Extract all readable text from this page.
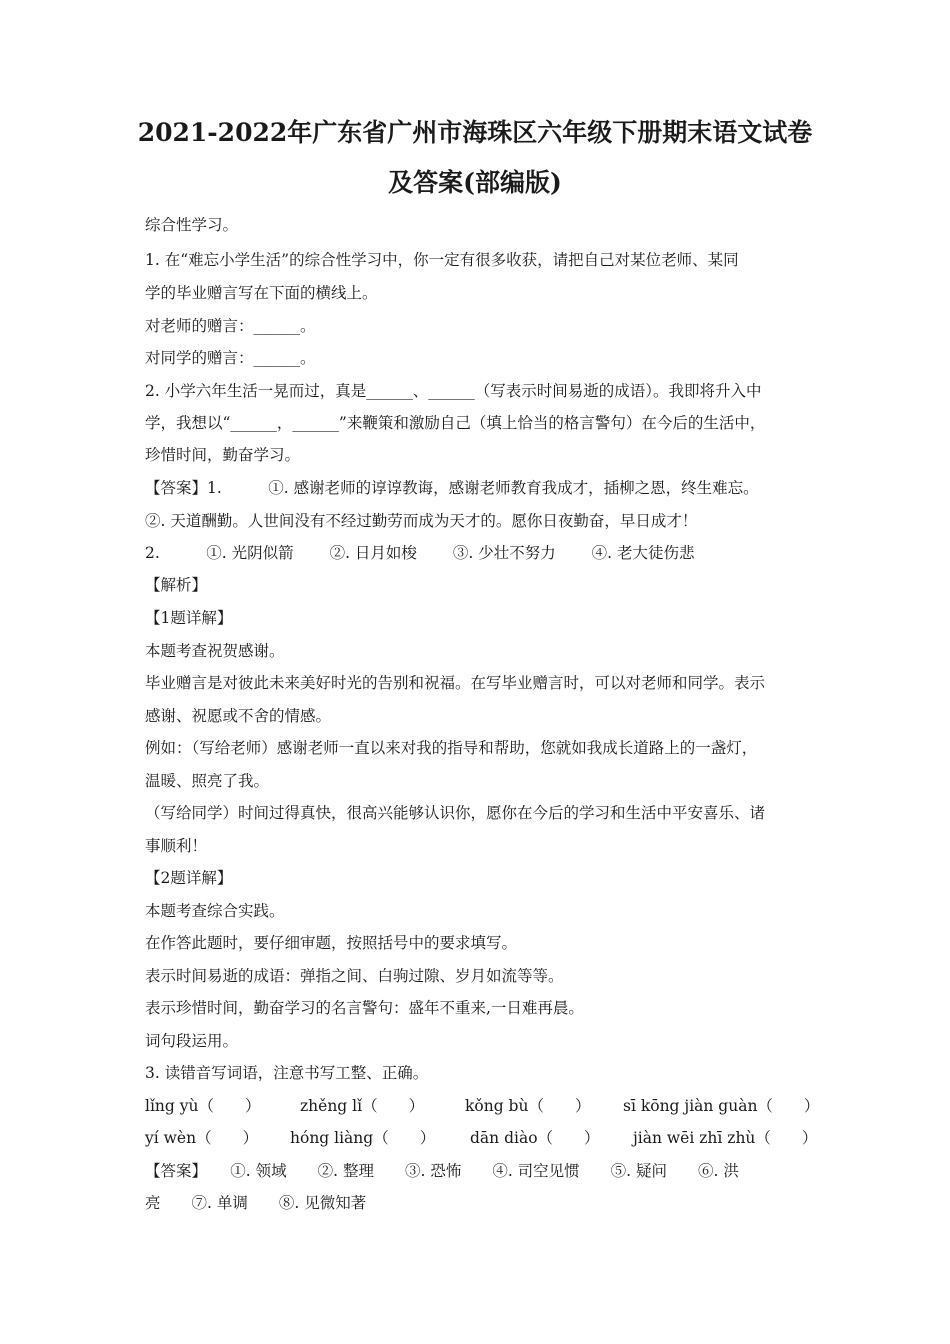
2021-2022年广东省广州市海珠区六年级下册期末语文试卷
及答案(部编版)
综合性学习。
1. 在“难忘小学生活”的综合性学习中，你一定有很多收获，请把自己对某位老师、某同
学的毕业赠言写在下面的横线上。
对老师的赠言：______。
对同学的赠言：______。
2. 小学六年生活一晃而过，真是______、______（写表示时间易逝的成语）。我即将升入中
学，我想以“______，______”来鞭策和激励自己（填上恰当的格言警句）在今后的生活中，
珍惜时间，勤奋学习。
【答案】1.　　　①. 感谢老师的谆谆教诲，感谢老师教育我成才，插柳之恩，终生难忘。
②. 天道酬勤。人世间没有不经过勤劳而成为天才的。愿你日夜勤奋，早日成才！
2.　　　①. 光阴似箭　　 ②. 日月如梭　　 ③. 少壮不努力　　 ④. 老大徒伤悲
【解析】
【1题详解】
本题考查祝贺感谢。
毕业赠言是对彼此未来美好时光的告别和祝福。在写毕业赠言时，可以对老师和同学。表示
感谢、祝愿或不舍的情感。
例如：（写给老师）感谢老师一直以来对我的指导和帮助，您就如我成长道路上的一盏灯，
温暖、照亮了我。
（写给同学）时间过得真快，很高兴能够认识你，愿你在今后的学习和生活中平安喜乐、诸
事顺利！
【2题详解】
本题考查综合实践。
在作答此题时，要仔细审题，按照括号中的要求填写。
表示时间易逝的成语：弹指之间、白驹过隙、岁月如流等等。
表示珍惜时间，勤奋学习的名言警句：盛年不重来,一日难再晨。
词句段运用。
3. 读错音写词语，注意书写工整、正确。
lǐng yù（　　）	zhěng lǐ（　　）	kǒng bù（　　） sī kōng jiàn guàn（　　）
yí wèn（　　） hóng liàng（　　） dān diào（　　） jiàn wēi zhī zhù（　　）
【答案】　　①. 领域　　②. 整理　　③. 恐怖　　④. 司空见惯　　⑤. 疑问　　⑥. 洪
亮　　⑦. 单调　　⑧. 见微知著
